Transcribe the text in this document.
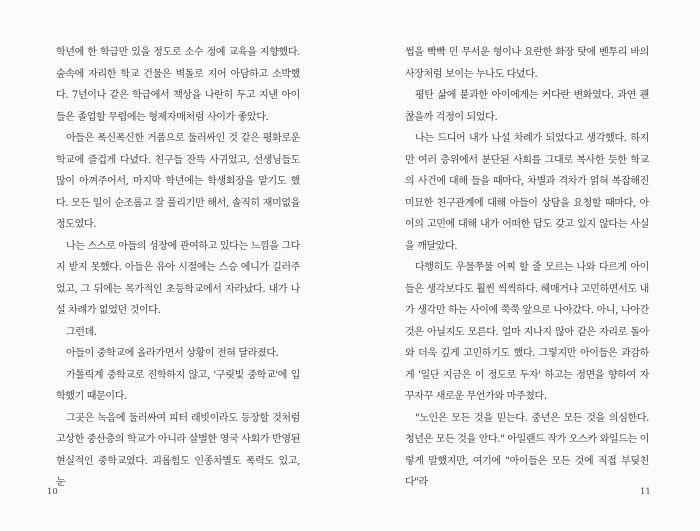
학년에 한 학급만 있을 정도로 소수 정예 교육을 지향했다. 숲속에 자리한 학교 건물은 벽돌로 지어 아담하고 소박했다. 7년이나 같은 학급에서 책상을 나란히 두고 지낸 아이들은 졸업할 무렵에는 형제자매처럼 사이가 좋았다.

아들은 폭신폭신한 거품으로 둘러싸인 것 같은 평화로운 학교에 즐겁게 다녔다. 친구들 잔뜩 사귀었고, 선생님들도 많이 아껴주어서, 마지막 학년에는 학생회장을 맡기도 했다. 모든 일이 순조롭고 잘 풀리기만 해서, 솔직히 재미없을 정도였다.

나는 스스로 아들의 성장에 관여하고 있다는 느낌을 그다지 받지 못했다. 아들은 유아 시절에는 스승 에니가 길러주었고, 그 뒤에는 목가적인 초등학교에서 자라났다. 내가 나설 차례가 없었던 것이다.

그런데.

아들이 중학교에 올라가면서 상황이 전혀 달라졌다.

가톨릭계 중학교로 진학하지 않고, '구릿빛 중학교'에 입학했기 때문이다.

그곳은 녹음에 둘러싸여 피터 래빗이라도 등장할 것처럼 고상한 중산층의 학교가 아니라 살벌한 영국 사회가 반영된 현실적인 중학교였다. 괴롭힘도 인종차별도 폭력도 있고, 눈

10

썹을 빡빡 민 무서운 형이나 요란한 화장 탓에 벤투리 바의 사장처럼 보이는 누나도 다녔다.

평탄 삶에 붙과한 아이에게는 커다란 변화였다. 과연 괜찮을까 걱정이 되었다.

나는 드디어 내가 나설 차례가 되었다고 생각했다. 하지만 여러 층위에서 분단된 사회를 그대로 복사한 듯한 학교의 사건에 대해 들을 때마다, 차별과 격차가 얽혀 복잡해진 미묘한 친구관계에 대해 아들이 상담을 요청할 때마다, 아이의 고민에 대해 내가 어떠한 답도 갖고 있지 않다는 사실을 깨달았다.

다행히도 우물쭈물 어찌 할 줄 모르는 나와 다르게 아이들은 생각보다도 훨씬 씩씩하다. 헤매거나 고민하면서도 내가 생각만 하는 사이에 쭉쭉 앞으로 나아갔다. 아니, 나아간 것은 아닐지도 모른다. 얼마 지나지 않아 같은 자리로 돌아와 더욱 깊게 고민하기도 했다. 그렇지만 아이들은 과감하게 '일단 지금은 이 정도로 두자' 하고는 정면을 향하여 자꾸자꾸 새로운 무언가와 마주쳤다.

"노인은 모든 것을 믿는다. 중년은 모든 것을 의심한다. 청년은 모든 것을 안다." 아일랜드 작가 오스카 와일드는 이렇게 말했지만, 여기에 "아이들은 모든 것에 직접 부딪친다"라

11
